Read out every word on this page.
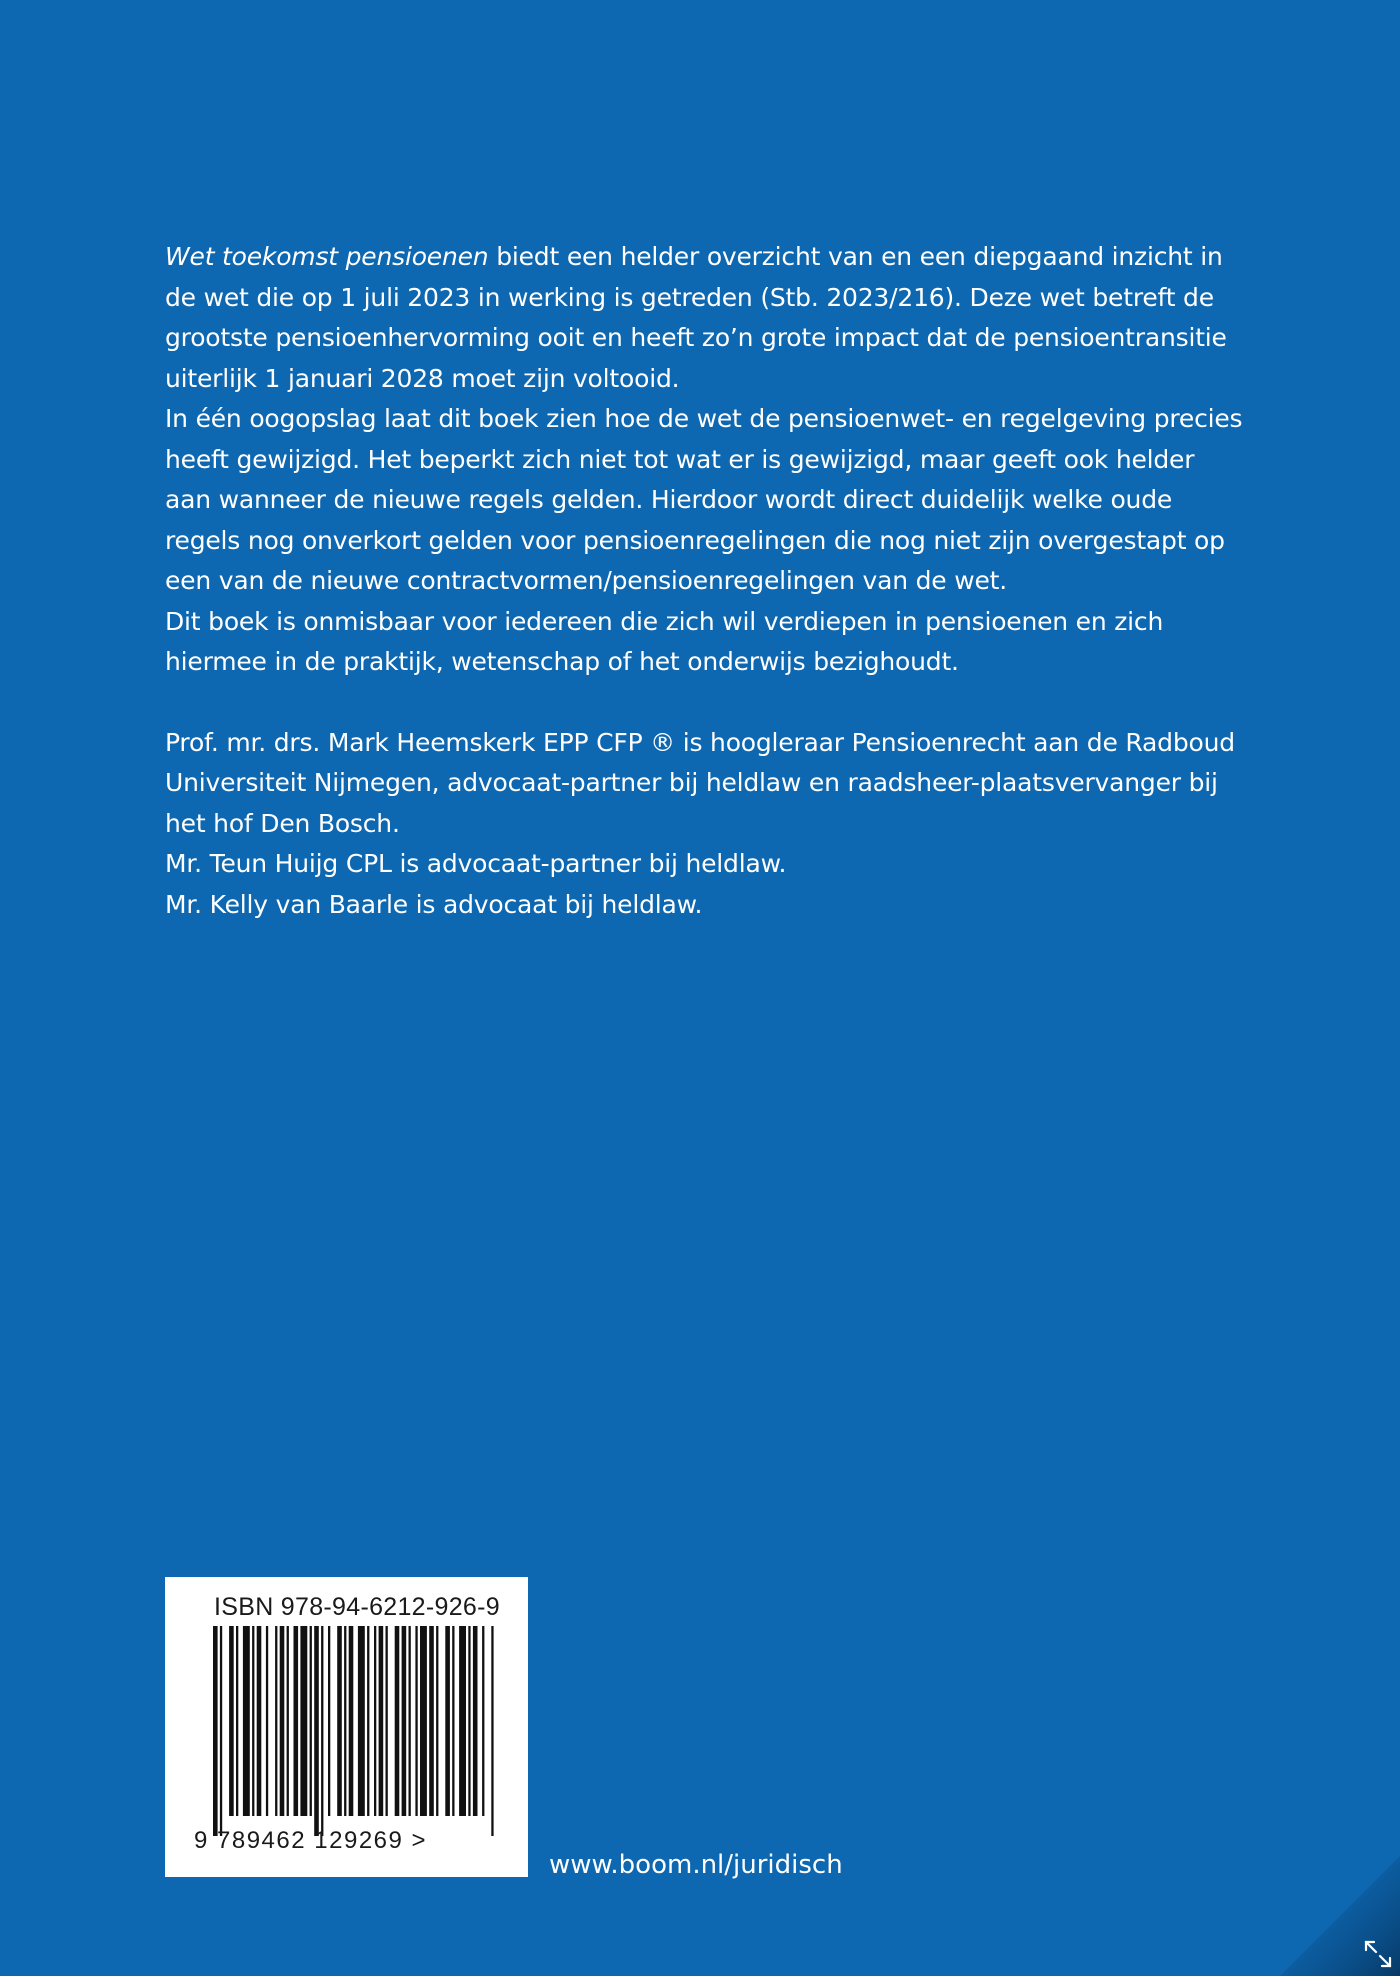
Wet toekomst pensioenen biedt een helder overzicht van en een diepgaand inzicht in de wet die op 1 juli 2023 in werking is getreden (Stb. 2023/216). Deze wet betreft de grootste pensioenhervorming ooit en heeft zo’n grote impact dat de pensioentransitie uiterlijk 1 januari 2028 moet zijn voltooid.

In één oogopslag laat dit boek zien hoe de wet de pensioenwet- en regelgeving precies heeft gewijzigd. Het beperkt zich niet tot wat er is gewijzigd, maar geeft ook helder aan wanneer de nieuwe regels gelden. Hierdoor wordt direct duidelijk welke oude regels nog onverkort gelden voor pensioenregelingen die nog niet zijn overgestapt op een van de nieuwe contractvormen/pensioenregelingen van de wet.

Dit boek is onmisbaar voor iedereen die zich wil verdiepen in pensioenen en zich hiermee in de praktijk, wetenschap of het onderwijs bezighoudt.

Prof. mr. drs. Mark Heemskerk EPP CFP ® is hoogleraar Pensioenrecht aan de Radboud Universiteit Nijmegen, advocaat-partner bij heldlaw en raadsheer-plaatsvervanger bij het hof Den Bosch.

Mr. Teun Huijg CPL is advocaat-partner bij heldlaw.

Mr. Kelly van Baarle is advocaat bij heldlaw.

ISBN 978-94-6212-926-9
9 789462 129269 >
www.boom.nl/juridisch
